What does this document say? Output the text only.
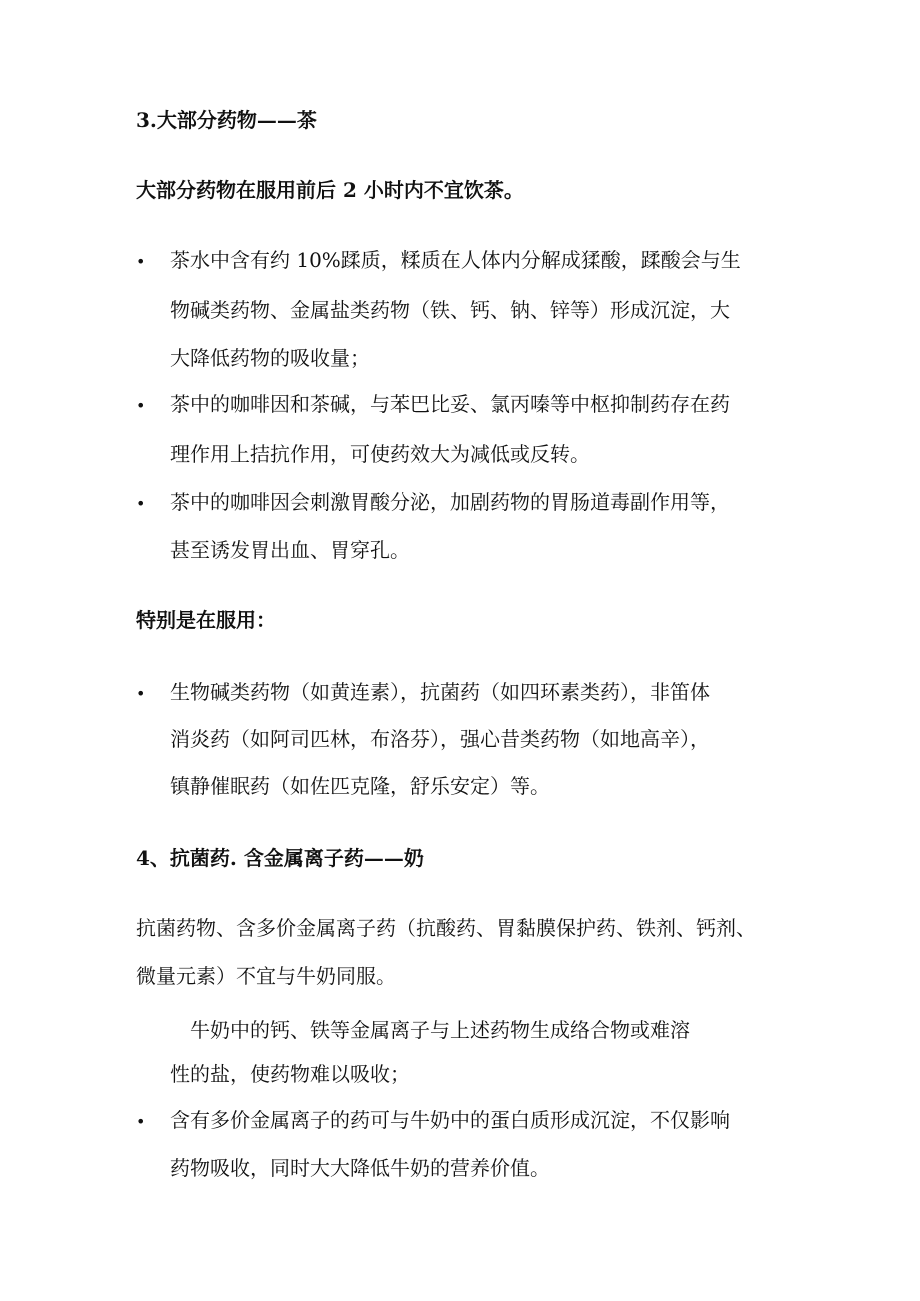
3.大部分药物——茶
大部分药物在服用前后 2 小时内不宜饮茶。
• 茶水中含有约 10%蹂质，糅质在人体内分解成猱酸，蹂酸会与生
物碱类药物、金属盐类药物（铁、钙、钠、锌等）形成沉淀，大
大降低药物的吸收量；
• 茶中的咖啡因和茶碱，与苯巴比妥、氯丙嗪等中枢抑制药存在药
理作用上拮抗作用，可使药效大为减低或反转。
• 茶中的咖啡因会刺激胃酸分泌，加剧药物的胃肠道毒副作用等，
甚至诱发胃出血、胃穿孔。
特别是在服用：
• 生物碱类药物（如黄连素），抗菌药（如四环素类药），非笛体
消炎药（如阿司匹林，布洛芬），强心昔类药物（如地高辛），
镇静催眠药（如佐匹克隆，舒乐安定）等。
4、抗菌药. 含金属离子药——奶
抗菌药物、含多价金属离子药（抗酸药、胃黏膜保护药、铁剂、钙剂、
微量元素）不宜与牛奶同服。
牛奶中的钙、铁等金属离子与上述药物生成络合物或难溶
性的盐，使药物难以吸收；
• 含有多价金属离子的药可与牛奶中的蛋白质形成沉淀，不仅影响
药物吸收，同时大大降低牛奶的营养价值。
